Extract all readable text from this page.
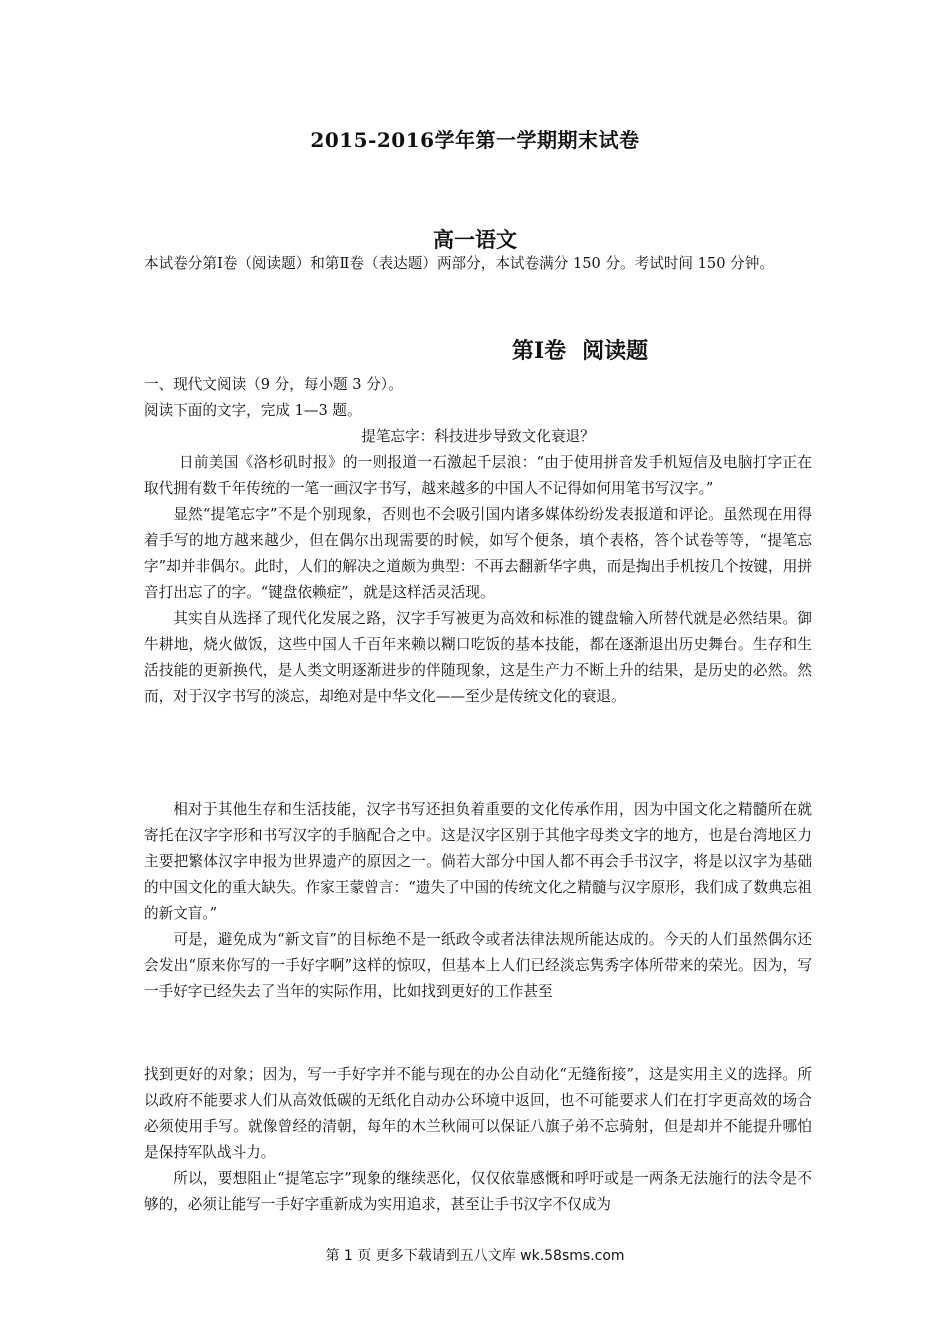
2015-2016学年第一学期期末试卷
高一语文
本试卷分第Ⅰ卷（阅读题）和第Ⅱ卷（表达题）两部分，本试卷满分 150 分。考试时间 150 分钟。
第Ⅰ卷 阅读题

一、现代文阅读（9 分，每小题 3 分）。

阅读下面的文字，完成 1—3 题。

提笔忘字：科技进步导致文化衰退？

日前美国《洛杉矶时报》的一则报道一石激起千层浪：“由于使用拼音发手机短信及电脑打字正在取代拥有数千年传统的一笔一画汉字书写，越来越多的中国人不记得如何用笔书写汉字。”

显然“提笔忘字”不是个别现象，否则也不会吸引国内诸多媒体纷纷发表报道和评论。虽然现在用得着手写的地方越来越少，但在偶尔出现需要的时候，如写个便条，填个表格，答个试卷等等，“提笔忘字”却并非偶尔。此时，人们的解决之道颇为典型：不再去翻新华字典，而是掏出手机按几个按键，用拼音打出忘了的字。“键盘依赖症”，就是这样活灵活现。

其实自从选择了现代化发展之路，汉字手写被更为高效和标准的键盘输入所替代就是必然结果。御牛耕地，烧火做饭，这些中国人千百年来赖以糊口吃饭的基本技能，都在逐渐退出历史舞台。生存和生活技能的更新换代，是人类文明逐渐进步的伴随现象，这是生产力不断上升的结果，是历史的必然。然而，对于汉字书写的淡忘，却绝对是中华文化——至少是传统文化的衰退。

相对于其他生存和生活技能，汉字书写还担负着重要的文化传承作用，因为中国文化之精髓所在就寄托在汉字字形和书写汉字的手脑配合之中。这是汉字区别于其他字母类文字的地方，也是台湾地区力主要把繁体汉字申报为世界遗产的原因之一。倘若大部分中国人都不再会手书汉字，将是以汉字为基础的中国文化的重大缺失。作家王蒙曾言：“遗失了中国的传统文化之精髓与汉字原形，我们成了数典忘祖的新文盲。”

可是，避免成为“新文盲”的目标绝不是一纸政令或者法律法规所能达成的。今天的人们虽然偶尔还会发出“原来你写的一手好字啊”这样的惊叹，但基本上人们已经淡忘隽秀字体所带来的荣光。因为，写一手好字已经失去了当年的实际作用，比如找到更好的工作甚至

找到更好的对象；因为，写一手好字并不能与现在的办公自动化“无缝衔接”，这是实用主义的选择。所以政府不能要求人们从高效低碳的无纸化自动办公环境中返回，也不可能要求人们在打字更高效的场合必须使用手写。就像曾经的清朝，每年的木兰秋闹可以保证八旗子弟不忘骑射，但是却并不能提升哪怕是保持军队战斗力。

所以，要想阻止“提笔忘字”现象的继续恶化，仅仅依靠感慨和呼吁或是一两条无法施行的法令是不够的，必须让能写一手好字重新成为实用追求，甚至让手书汉字不仅成为

第 1 页 更多下载请到五八文库 wk.58sms.com
